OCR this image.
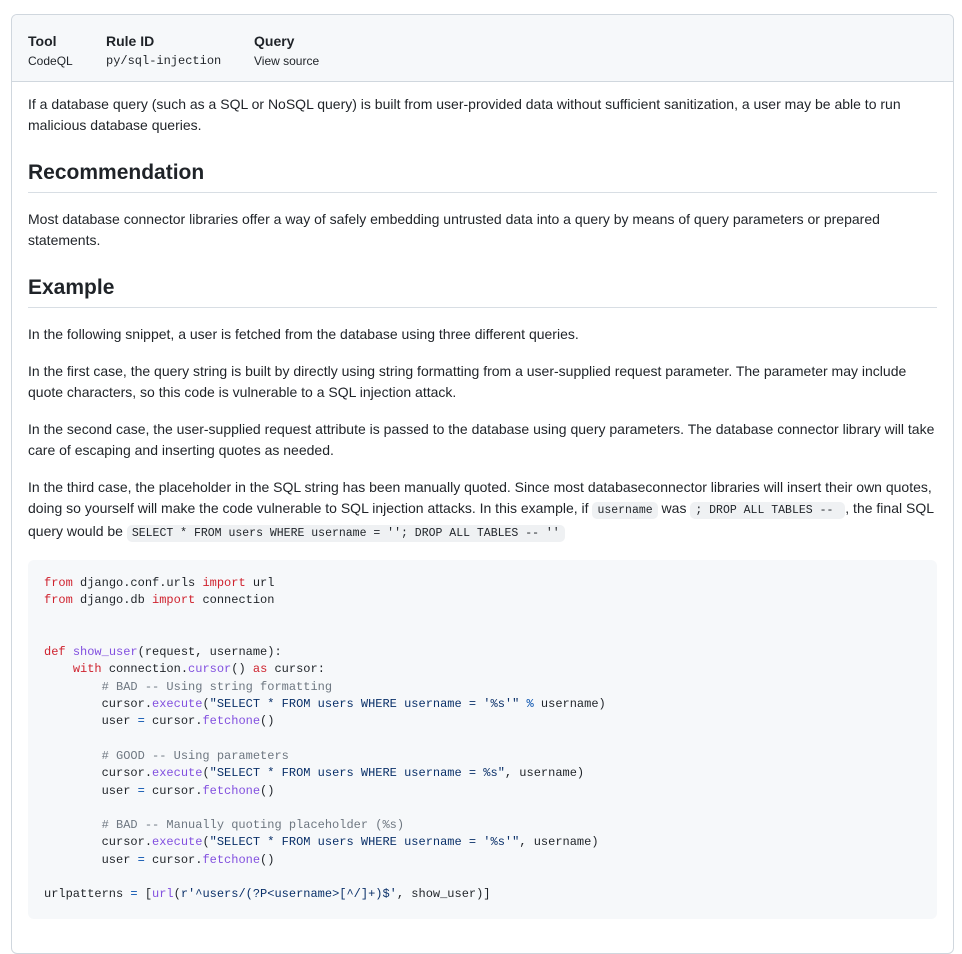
Tool
CodeQL
Rule ID
py/sql-injection
Query
View source

If a database query (such as a SQL or NoSQL query) is built from user-provided data without sufficient sanitization, a user may be able to run malicious database queries.

Recommendation

Most database connector libraries offer a way of safely embedding untrusted data into a query by means of query parameters or prepared statements.

Example

In the following snippet, a user is fetched from the database using three different queries.

In the first case, the query string is built by directly using string formatting from a user-supplied request parameter. The parameter may include quote characters, so this code is vulnerable to a SQL injection attack.

In the second case, the user-supplied request attribute is passed to the database using query parameters. The database connector library will take care of escaping and inserting quotes as needed.

In the third case, the placeholder in the SQL string has been manually quoted. Since most databaseconnector libraries will insert their own quotes, doing so yourself will make the code vulnerable to SQL injection attacks. In this example, if username was ; DROP ALL TABLES -- , the final SQL query would be SELECT * FROM users WHERE username = ''; DROP ALL TABLES -- ''

from django.conf.urls import url
from django.db import connection

def show_user(request, username):
with connection.cursor() as cursor:
# BAD -- Using string formatting
cursor.execute("SELECT * FROM users WHERE username = '%s'" % username)
user = cursor.fetchone()

# GOOD -- Using parameters
cursor.execute("SELECT * FROM users WHERE username = %s", username)
user = cursor.fetchone()

# BAD -- Manually quoting placeholder (%s)
cursor.execute("SELECT * FROM users WHERE username = '%s'", username)
user = cursor.fetchone()

urlpatterns = [url(r'^users/(?P<username>[^/]+)$', show_user)]
